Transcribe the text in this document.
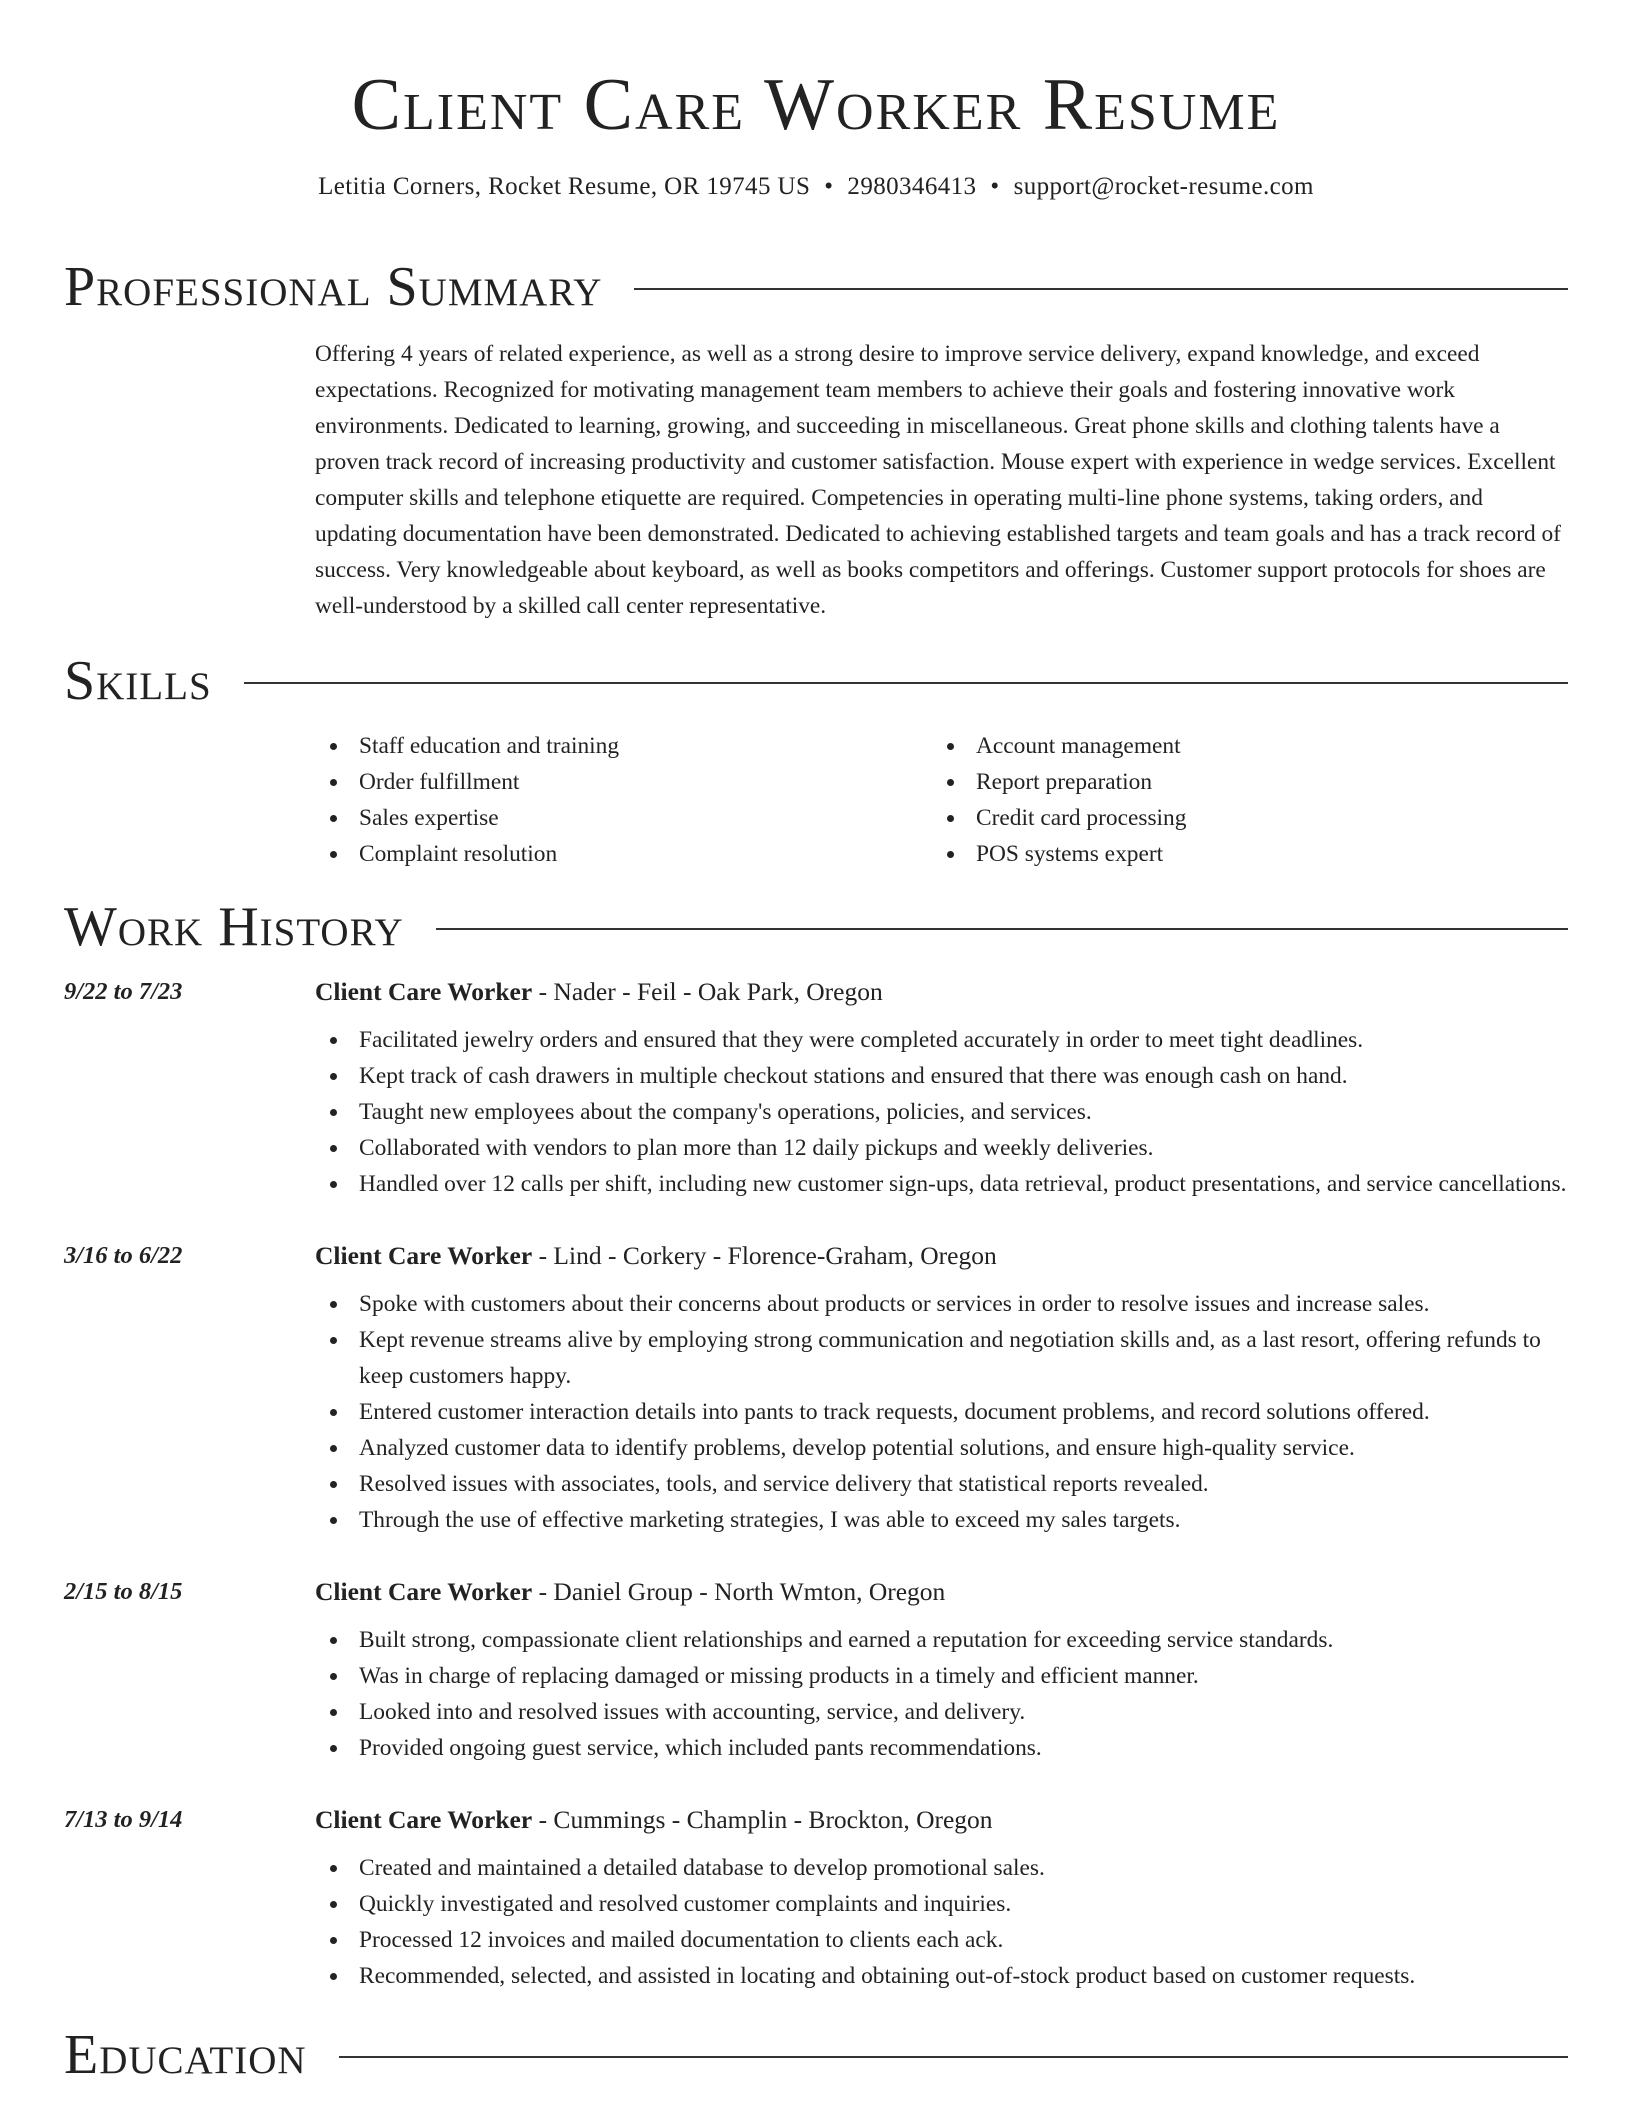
Client Care Worker Resume
Letitia Corners, Rocket Resume, OR 19745 US • 2980346413 • support@rocket-resume.com
Professional Summary
Offering 4 years of related experience, as well as a strong desire to improve service delivery, expand knowledge, and exceed expectations. Recognized for motivating management team members to achieve their goals and fostering innovative work environments. Dedicated to learning, growing, and succeeding in miscellaneous. Great phone skills and clothing talents have a proven track record of increasing productivity and customer satisfaction. Mouse expert with experience in wedge services. Excellent computer skills and telephone etiquette are required. Competencies in operating multi-line phone systems, taking orders, and updating documentation have been demonstrated. Dedicated to achieving established targets and team goals and has a track record of success. Very knowledgeable about keyboard, as well as books competitors and offerings. Customer support protocols for shoes are well-understood by a skilled call center representative.
Skills
Staff education and training
Order fulfillment
Sales expertise
Complaint resolution
Account management
Report preparation
Credit card processing
POS systems expert
Work History
9/22 to 7/23	Client Care Worker - Nader - Feil - Oak Park, Oregon
Facilitated jewelry orders and ensured that they were completed accurately in order to meet tight deadlines.
Kept track of cash drawers in multiple checkout stations and ensured that there was enough cash on hand.
Taught new employees about the company's operations, policies, and services.
Collaborated with vendors to plan more than 12 daily pickups and weekly deliveries.
Handled over 12 calls per shift, including new customer sign-ups, data retrieval, product presentations, and service cancellations.
3/16 to 6/22	Client Care Worker - Lind - Corkery - Florence-Graham, Oregon
Spoke with customers about their concerns about products or services in order to resolve issues and increase sales.
Kept revenue streams alive by employing strong communication and negotiation skills and, as a last resort, offering refunds to keep customers happy.
Entered customer interaction details into pants to track requests, document problems, and record solutions offered.
Analyzed customer data to identify problems, develop potential solutions, and ensure high-quality service.
Resolved issues with associates, tools, and service delivery that statistical reports revealed.
Through the use of effective marketing strategies, I was able to exceed my sales targets.
2/15 to 8/15	Client Care Worker - Daniel Group - North Wmton, Oregon
Built strong, compassionate client relationships and earned a reputation for exceeding service standards.
Was in charge of replacing damaged or missing products in a timely and efficient manner.
Looked into and resolved issues with accounting, service, and delivery.
Provided ongoing guest service, which included pants recommendations.
7/13 to 9/14	Client Care Worker - Cummings - Champlin - Brockton, Oregon
Created and maintained a detailed database to develop promotional sales.
Quickly investigated and resolved customer complaints and inquiries.
Processed 12 invoices and mailed documentation to clients each ack.
Recommended, selected, and assisted in locating and obtaining out-of-stock product based on customer requests.
Education
